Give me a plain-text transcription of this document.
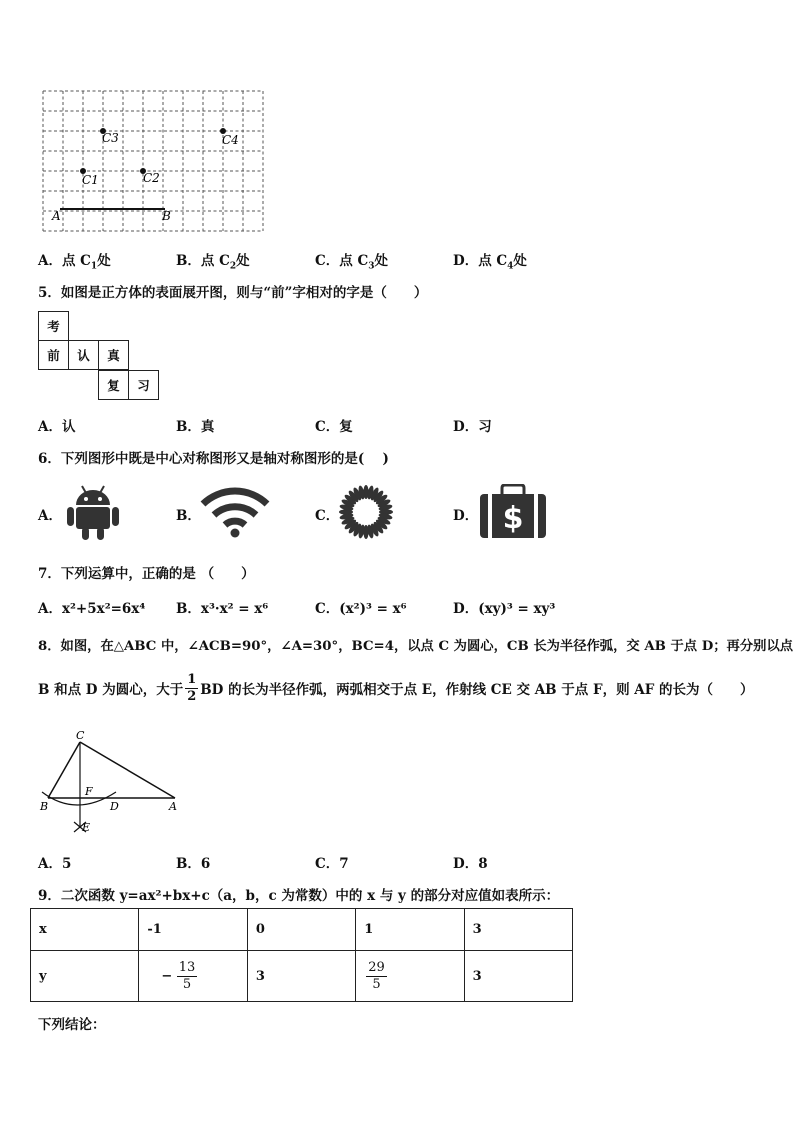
C3	C4
C1	C2
A	B
A．点 $C_1$处	B．点 $C_2$处	C．点 $C_3$处	D．点 $C_4$处
5．如图是正方体的表面展开图，则与“前”字相对的字是（　　）
考
前	认	真
复	习
A．认	B．真	C．复	D．习
6．下列图形中既是中心对称图形又是轴对称图形的是(　 )
A．	B．	C．	D． $
7．下列运算中，正确的是 （　　）
A．x²+5x²=6x⁴ B．x³·x² = x⁶	C．(x²)³ = x⁶	D．(xy)³ = xy³
8．如图，在△ABC 中，∠ACB=90°，∠A=30°，BC=4，以点 C 为圆心，CB 长为半径作弧，交 AB 于点 D；再分别以点
B 和点 D 为圆心，大于 $\frac{1}{2}$ BD 的长为半径作弧，两弧相交于点 E，作射线 CE 交 AB 于点 F，则 AF 的长为（　　）
C
F
B	D	A
E
A．5	B．6	C．7	D．8
9．二次函数 y=ax²+bx+c（a，b，c 为常数）中的 x 与 y 的部分对应值如表所示：
x	-1	0	1	3
y	− $\frac{13}{5}$	3	$\frac{29}{5}$	3
下列结论：
